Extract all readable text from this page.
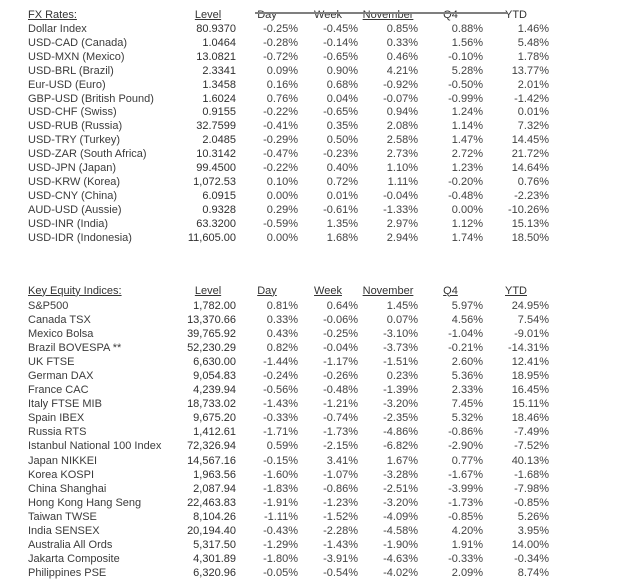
FX Rates:	Level	Day	Week	November	Q4	YTD
Dollar Index	80.9370	-0.25%	-0.45%	0.85%	0.88%	1.46%
USD-CAD (Canada)	1.0464	-0.28%	-0.14%	0.33%	1.56%	5.48%
USD-MXN (Mexico)	13.0821	-0.72%	-0.65%	0.46%	-0.10%	1.78%
USD-BRL (Brazil)	2.3341	0.09%	0.90%	4.21%	5.28%	13.77%
Eur-USD (Euro)	1.3458	0.16%	0.68%	-0.92%	-0.50%	2.01%
GBP-USD (British Pound)	1.6024	0.76%	0.04%	-0.07%	-0.99%	-1.42%
USD-CHF (Swiss)	0.9155	-0.22%	-0.65%	0.94%	1.24%	0.01%
USD-RUB (Russia)	32.7599	-0.41%	0.35%	2.08%	1.14%	7.32%
USD-TRY (Turkey)	2.0485	-0.29%	0.50%	2.58%	1.47%	14.45%
USD-ZAR (South Africa)	10.3142	-0.47%	-0.23%	2.73%	2.72%	21.72%
USD-JPN (Japan)	99.4500	-0.22%	0.40%	1.10%	1.23%	14.64%
USD-KRW (Korea)	1,072.53	0.10%	0.72%	1.11%	-0.20%	0.76%
USD-CNY (China)	6.0915	0.00%	0.01%	-0.04%	-0.48%	-2.23%
AUD-USD (Aussie)	0.9328	0.29%	-0.61%	-1.33%	0.00%	-10.26%
USD-INR (India)	63.3200	-0.59%	1.35%	2.97%	1.12%	15.13%
USD-IDR (Indonesia)	11,605.00	0.00%	1.68%	2.94%	1.74%	18.50%
Key Equity Indices:	Level	Day	Week	November	Q4	YTD
S&P500	1,782.00	0.81%	0.64%	1.45%	5.97%	24.95%
Canada TSX	13,370.66	0.33%	-0.06%	0.07%	4.56%	7.54%
Mexico Bolsa	39,765.92	0.43%	-0.25%	-3.10%	-1.04%	-9.01%
Brazil BOVESPA **	52,230.29	0.82%	-0.04%	-3.73%	-0.21%	-14.31%
UK FTSE	6,630.00	-1.44%	-1.17%	-1.51%	2.60%	12.41%
German DAX	9,054.83	-0.24%	-0.26%	0.23%	5.36%	18.95%
France CAC	4,239.94	-0.56%	-0.48%	-1.39%	2.33%	16.45%
Italy FTSE MIB	18,733.02	-1.43%	-1.21%	-3.20%	7.45%	15.11%
Spain IBEX	9,675.20	-0.33%	-0.74%	-2.35%	5.32%	18.46%
Russia RTS	1,412.61	-1.71%	-1.73%	-4.86%	-0.86%	-7.49%
Istanbul National 100 Index	72,326.94	0.59%	-2.15%	-6.82%	-2.90%	-7.52%
Japan NIKKEI	14,567.16	-0.15%	3.41%	1.67%	0.77%	40.13%
Korea KOSPI	1,963.56	-1.60%	-1.07%	-3.28%	-1.67%	-1.68%
China Shanghai	2,087.94	-1.83%	-0.86%	-2.51%	-3.99%	-7.98%
Hong Kong Hang Seng	22,463.83	-1.91%	-1.23%	-3.20%	-1.73%	-0.85%
Taiwan TWSE	8,104.26	-1.11%	-1.52%	-4.09%	-0.85%	5.26%
India SENSEX	20,194.40	-0.43%	-2.28%	-4.58%	4.20%	3.95%
Australia All Ords	5,317.50	-1.29%	-1.43%	-1.90%	1.91%	14.00%
Jakarta Composite	4,301.89	-1.80%	-3.91%	-4.63%	-0.33%	-0.34%
Philippines PSE	6,320.96	-0.05%	-0.54%	-4.02%	2.09%	8.74%
